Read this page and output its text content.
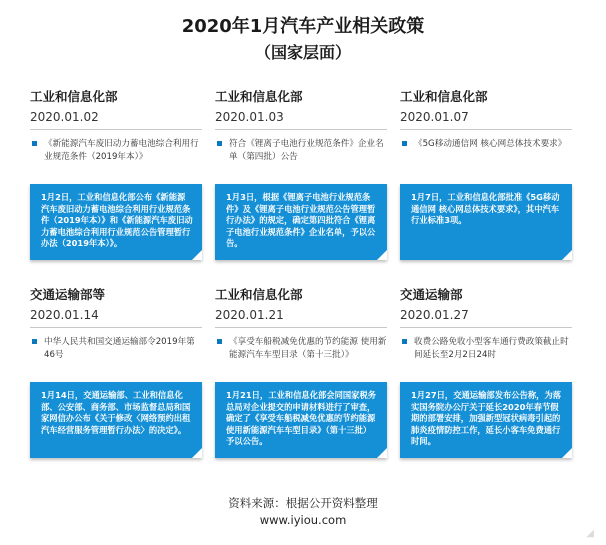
2020年1月汽车产业相关政策
（国家层面）
工业和信息化部
2020.01.02
《新能源汽车废旧动力蓄电池综合利用行业规范条件（2019年本）》
1月2日，工业和信息化部公布《新能源汽车废旧动力蓄电池综合利用行业规范条件（2019年本）》和《新能源汽车废旧动力蓄电池综合利用行业规范公告管理暂行办法（2019年本）》。
工业和信息化部
2020.01.03
符合《锂离子电池行业规范条件》企业名单（第四批）公告
1月3日，根据《锂离子电池行业规范条件》及《锂离子电池行业规范公告管理暂行办法》的规定，确定第四批符合《锂离子电池行业规范条件》企业名单，予以公告。
工业和信息化部
2020.01.07
《5G移动通信网 核心网总体技术要求》
1月7日，工业和信息化部批准《5G移动通信网 核心网总体技术要求》，其中汽车行业标准3项。
交通运输部等
2020.01.14
中华人民共和国交通运输部令2019年第46号
1月14日，交通运输部、工业和信息化部、公安部、商务部、市场监督总局和国家网信办公布《关于修改〈网络预约出租汽车经营服务管理暂行办法〉的决定》。
工业和信息化部
2020.01.21
《享受车船税减免优惠的节约能源 使用新能源汽车车型目录（第十三批）》
1月21日，工业和信息化部会同国家税务总局对企业提交的申请材料进行了审查，确定了《享受车船税减免优惠的节约能源 使用新能源汽车车型目录》（第十三批）予以公告。
交通运输部
2020.01.27
收费公路免收小型客车通行费政策截止时间延长至2月2日24时
1月27日，交通运输部发布公告称，为落实国务院办公厅关于延长2020年春节假期的部署安排，加强新型冠状病毒引起的肺炎疫情防控工作，延长小客车免费通行时间。
资料来源：根据公开资料整理
www.iyiou.com
◢
